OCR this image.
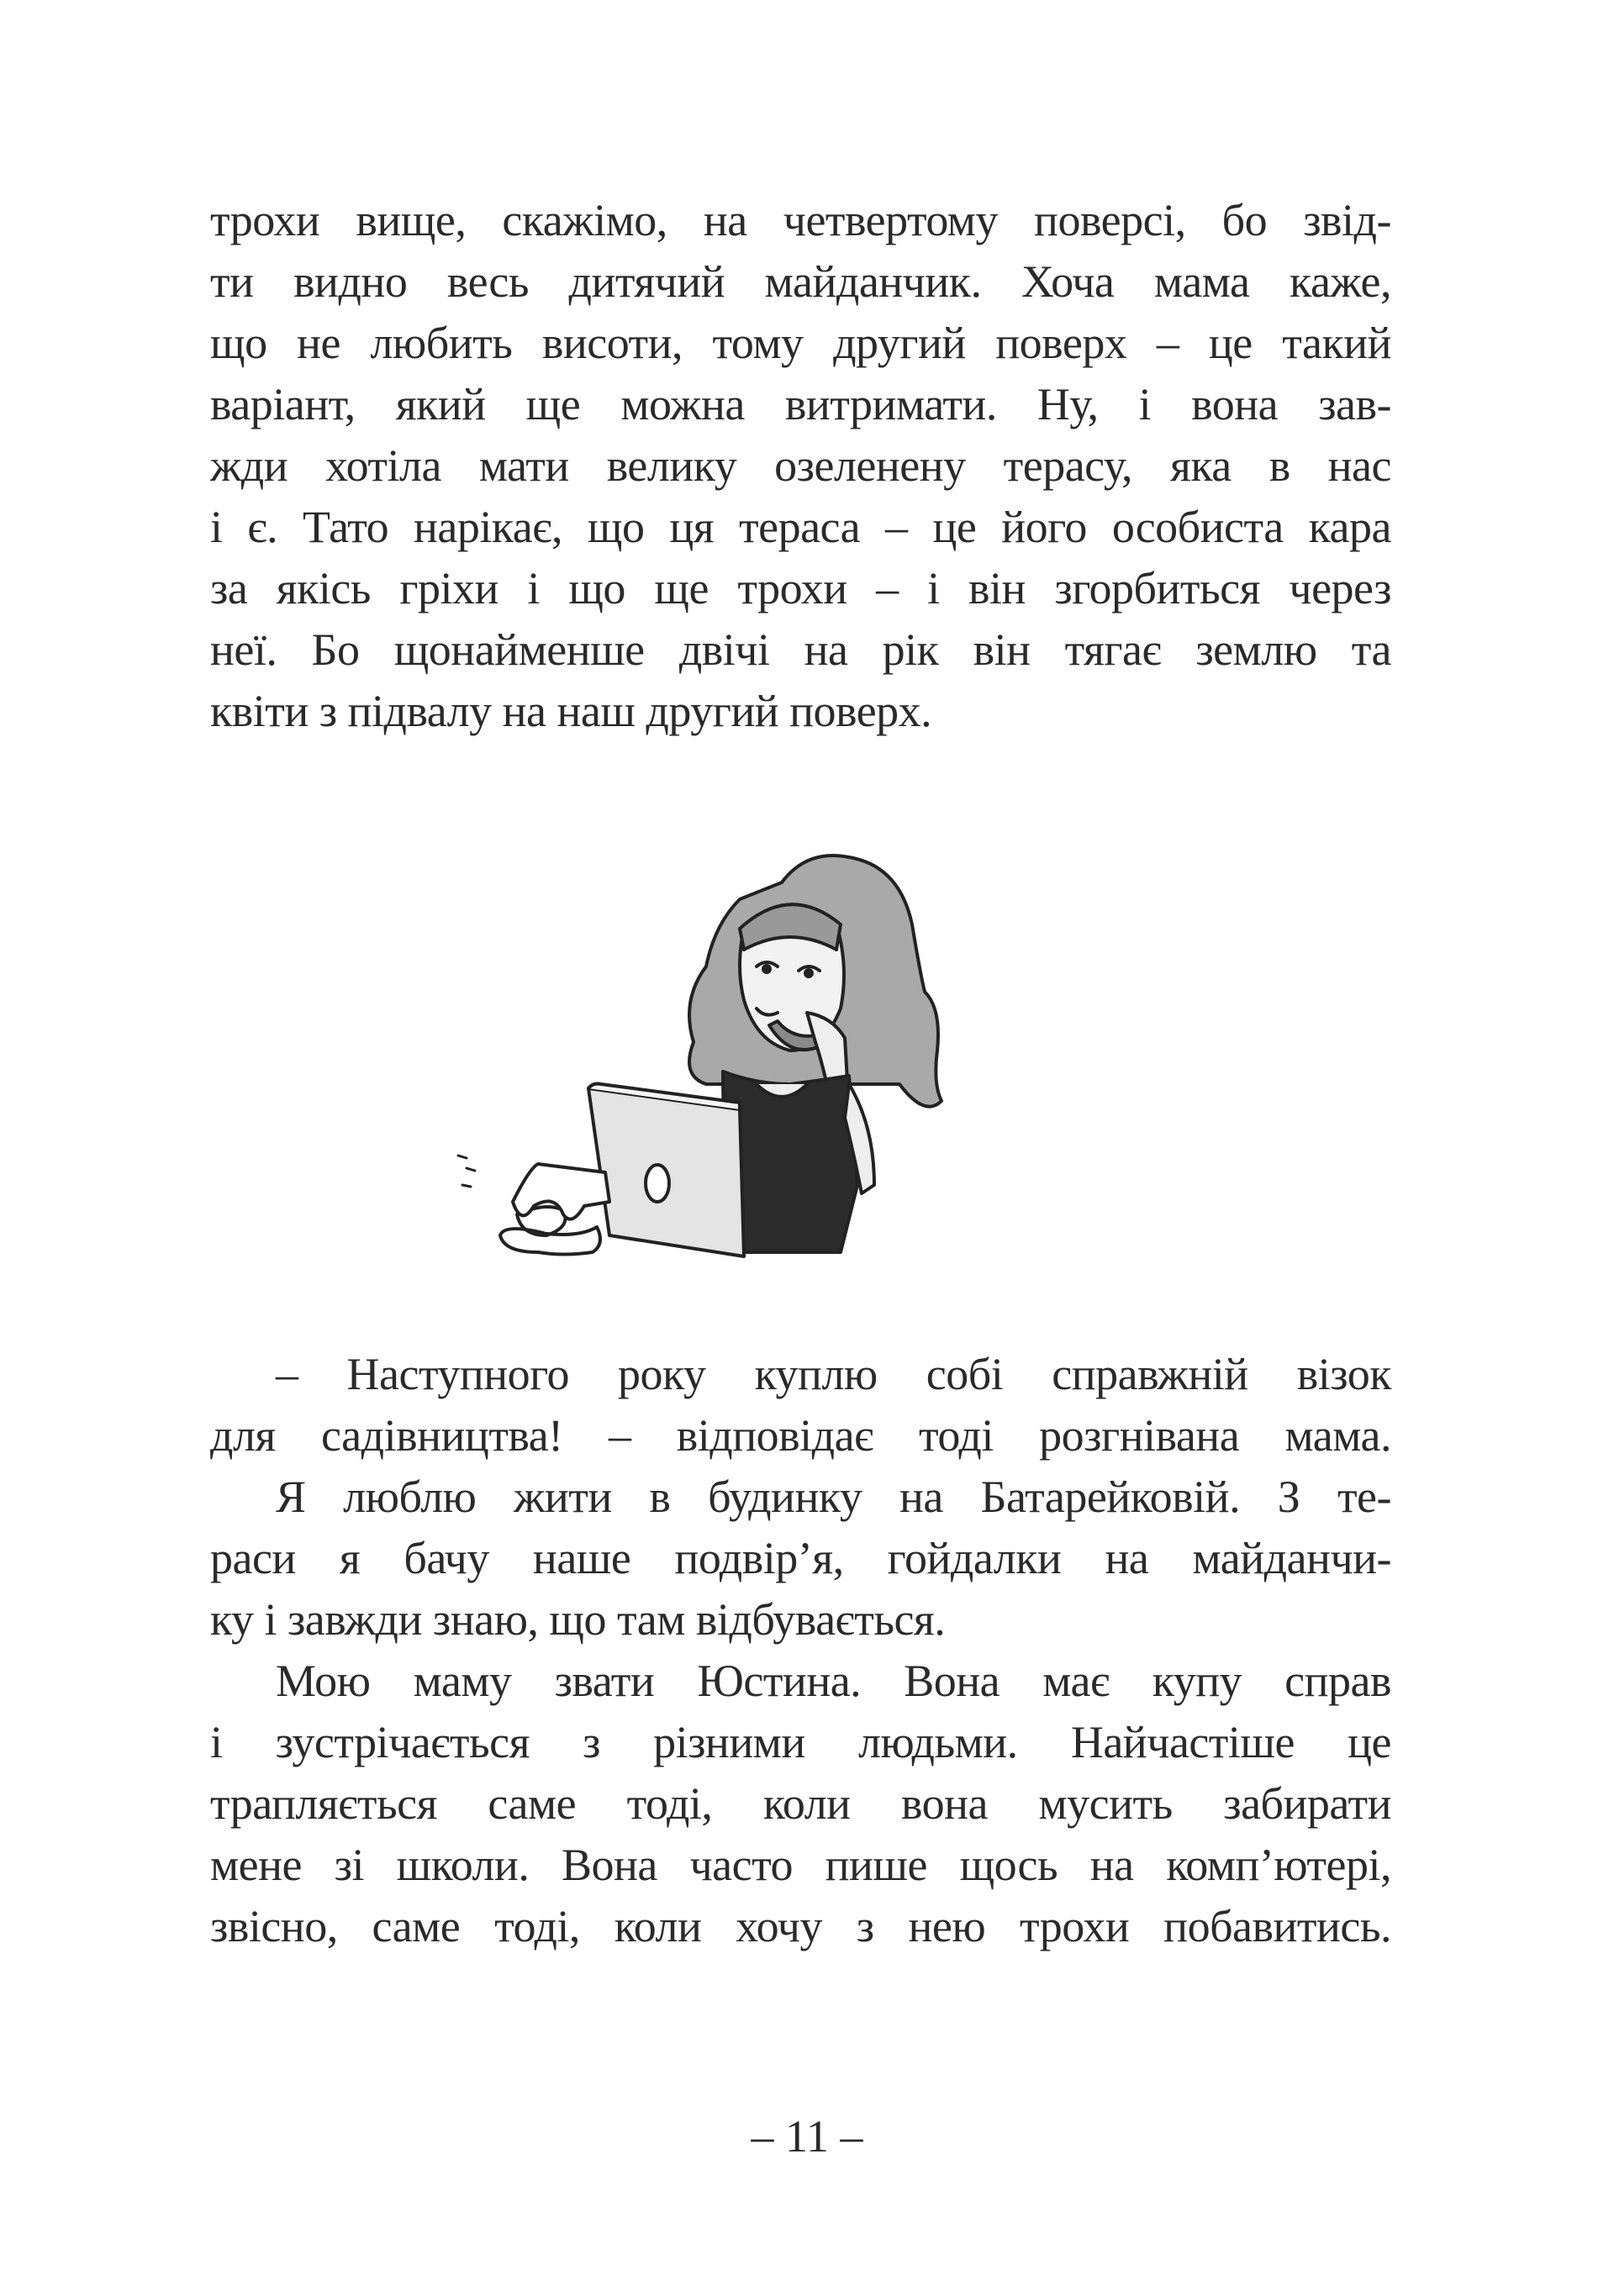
трохи вище, скажімо, на четвертому поверсі, бо звід-
ти видно весь дитячий майданчик. Хоча мама каже,
що не любить висоти, тому другий поверх – це такий
варіант, який ще можна витримати. Ну, і вона зав-
жди хотіла мати велику озеленену терасу, яка в нас
і є. Тато нарікає, що ця тераса – це його особиста кара
за якісь гріхи і що ще трохи – і він згорбиться через
неї. Бо щонайменше двічі на рік він тягає землю та
квіти з підвалу на наш другий поверх.
– Наступного року куплю собі справжній візок
для садівництва! – відповідає тоді розгнівана мама.
Я люблю жити в будинку на Батарейковій. З те-
раси я бачу наше подвір’я, гойдалки на майданчи-
ку і завжди знаю, що там відбувається.
Мою маму звати Юстина. Вона має купу справ
і зустрічається з різними людьми. Найчастіше це
трапляється саме тоді, коли вона мусить забирати
мене зі школи. Вона часто пише щось на комп’ютері,
звісно, саме тоді, коли хочу з нею трохи побавитись.
– 11 –
